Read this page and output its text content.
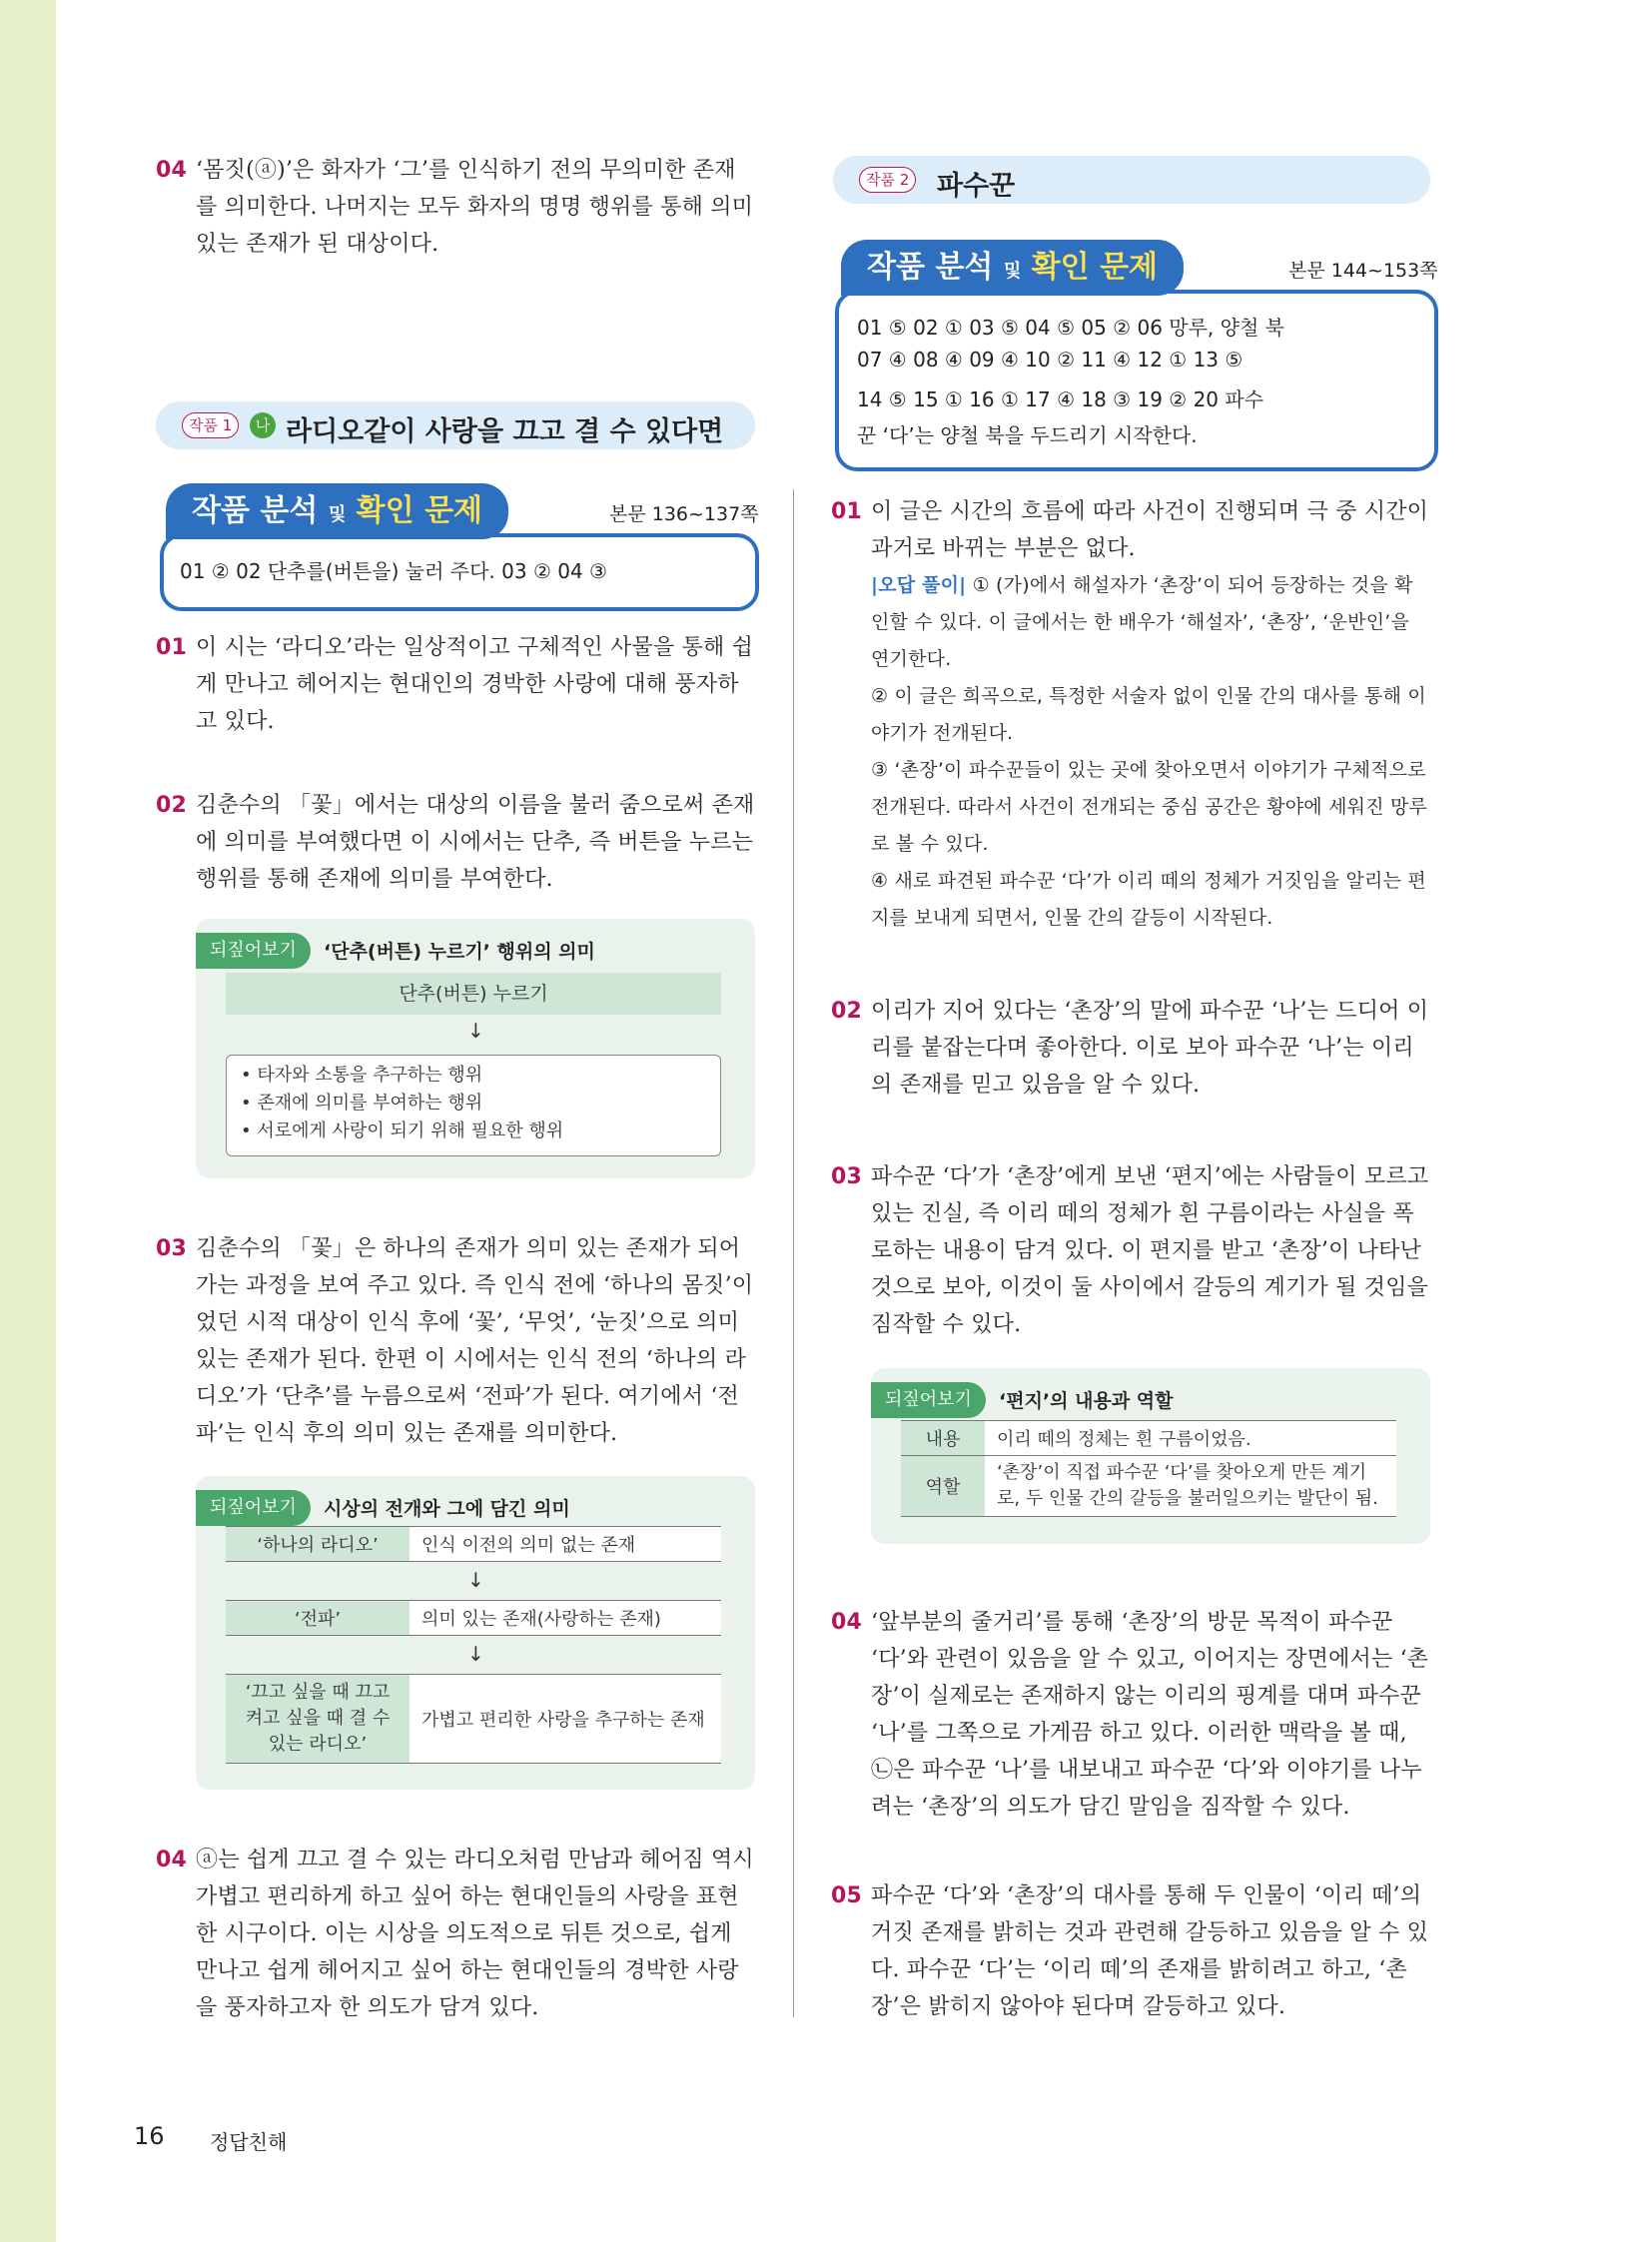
04 ‘몸짓(ⓐ)’은 화자가 ‘그’를 인식하기 전의 무의미한 존재를 의미한다. 나머지는 모두 화자의 명명 행위를 통해 의미 있는 존재가 된 대상이다.
작품 1	나 라디오같이 사랑을 끄고 결 수 있다면
작품 분석 및 확인 문제	본문 136~137쪽
01 ② 02 단추를(버튼을) 눌러 주다. 03 ② 04 ③
01 이 시는 ‘라디오’라는 일상적이고 구체적인 사물을 통해 쉽게 만나고 헤어지는 현대인의 경박한 사랑에 대해 풍자하고 있다.
02 김춘수의 「꽃」에서는 대상의 이름을 불러 줌으로써 존재에 의미를 부여했다면 이 시에서는 단추, 즉 버튼을 누르는 행위를 통해 존재에 의미를 부여한다.
되짚어보기	‘단추(버튼) 누르기’ 행위의 의미
단추(버튼) 누르기
↓
• 타자와 소통을 추구하는 행위
• 존재에 의미를 부여하는 행위
• 서로에게 사랑이 되기 위해 필요한 행위
03 김춘수의 「꽃」은 하나의 존재가 의미 있는 존재가 되어 가는 과정을 보여 주고 있다. 즉 인식 전에 ‘하나의 몸짓’이었던 시적 대상이 인식 후에 ‘꽃’, ‘무엇’, ‘눈짓’으로 의미 있는 존재가 된다. 한편 이 시에서는 인식 전의 ‘하나의 라디오’가 ‘단추’를 누름으로써 ‘전파’가 된다. 여기에서 ‘전파’는 인식 후의 의미 있는 존재를 의미한다.
되짚어보기	시상의 전개와 그에 담긴 의미
‘하나의 라디오’	인식 이전의 의미 없는 존재
↓
‘전파’	의미 있는 존재(사랑하는 존재)
↓
‘끄고 싶을 때 끄고 켜고 싶을 때 결 수 있는 라디오’	가볍고 편리한 사랑을 추구하는 존재
04 ⓐ는 쉽게 끄고 결 수 있는 라디오처럼 만남과 헤어짐 역시 가볍고 편리하게 하고 싶어 하는 현대인들의 사랑을 표현한 시구이다. 이는 시상을 의도적으로 뒤튼 것으로, 쉽게 만나고 쉽게 헤어지고 싶어 하는 현대인들의 경박한 사랑을 풍자하고자 한 의도가 담겨 있다.
작품 2 파수꾼
작품 분석 및 확인 문제	본문 144~153쪽
01 ⑤ 02 ① 03 ⑤ 04 ⑤ 05 ② 06 망루, 양철 북
07 ④ 08 ④ 09 ④ 10 ② 11 ④ 12 ① 13 ⑤
14 ⑤ 15 ① 16 ① 17 ④ 18 ③ 19 ② 20 파수
꾼 ‘다’는 양철 북을 두드리기 시작한다.
01 이 글은 시간의 흐름에 따라 사건이 진행되며 극 중 시간이 과거로 바뀌는 부분은 없다.
|오답 풀이| ① (가)에서 해설자가 ‘촌장’이 되어 등장하는 것을 확인할 수 있다. 이 글에서는 한 배우가 ‘해설자’, ‘촌장’, ‘운반인’을 연기한다.
② 이 글은 희곡으로, 특정한 서술자 없이 인물 간의 대사를 통해 이야기가 전개된다.
③ ‘촌장’이 파수꾼들이 있는 곳에 찾아오면서 이야기가 구체적으로 전개된다. 따라서 사건이 전개되는 중심 공간은 황야에 세워진 망루로 볼 수 있다.
④ 새로 파견된 파수꾼 ‘다’가 이리 떼의 정체가 거짓임을 알리는 편지를 보내게 되면서, 인물 간의 갈등이 시작된다.
02 이리가 지어 있다는 ‘촌장’의 말에 파수꾼 ‘나’는 드디어 이리를 붙잡는다며 좋아한다. 이로 보아 파수꾼 ‘나’는 이리의 존재를 믿고 있음을 알 수 있다.
03 파수꾼 ‘다’가 ‘촌장’에게 보낸 ‘편지’에는 사람들이 모르고 있는 진실, 즉 이리 떼의 정체가 흰 구름이라는 사실을 폭로하는 내용이 담겨 있다. 이 편지를 받고 ‘촌장’이 나타난 것으로 보아, 이것이 둘 사이에서 갈등의 계기가 될 것임을 짐작할 수 있다.
되짚어보기	‘편지’의 내용과 역할
내용	이리 떼의 정체는 흰 구름이었음.
역할	‘촌장’이 직접 파수꾼 ‘다’를 찾아오게 만든 계기로, 두 인물 간의 갈등을 불러일으키는 발단이 됨.
04 ‘앞부분의 줄거리’를 통해 ‘촌장’의 방문 목적이 파수꾼 ‘다’와 관련이 있음을 알 수 있고, 이어지는 장면에서는 ‘촌장’이 실제로는 존재하지 않는 이리의 핑계를 대며 파수꾼 ‘나’를 그쪽으로 가게끔 하고 있다. 이러한 맥락을 볼 때, ㉡은 파수꾼 ‘나’를 내보내고 파수꾼 ‘다’와 이야기를 나누려는 ‘촌장’의 의도가 담긴 말임을 짐작할 수 있다.
05 파수꾼 ‘다’와 ‘촌장’의 대사를 통해 두 인물이 ‘이리 떼’의 거짓 존재를 밝히는 것과 관련해 갈등하고 있음을 알 수 있다. 파수꾼 ‘다’는 ‘이리 떼’의 존재를 밝히려고 하고, ‘촌장’은 밝히지 않아야 된다며 갈등하고 있다.
16 정답친해
